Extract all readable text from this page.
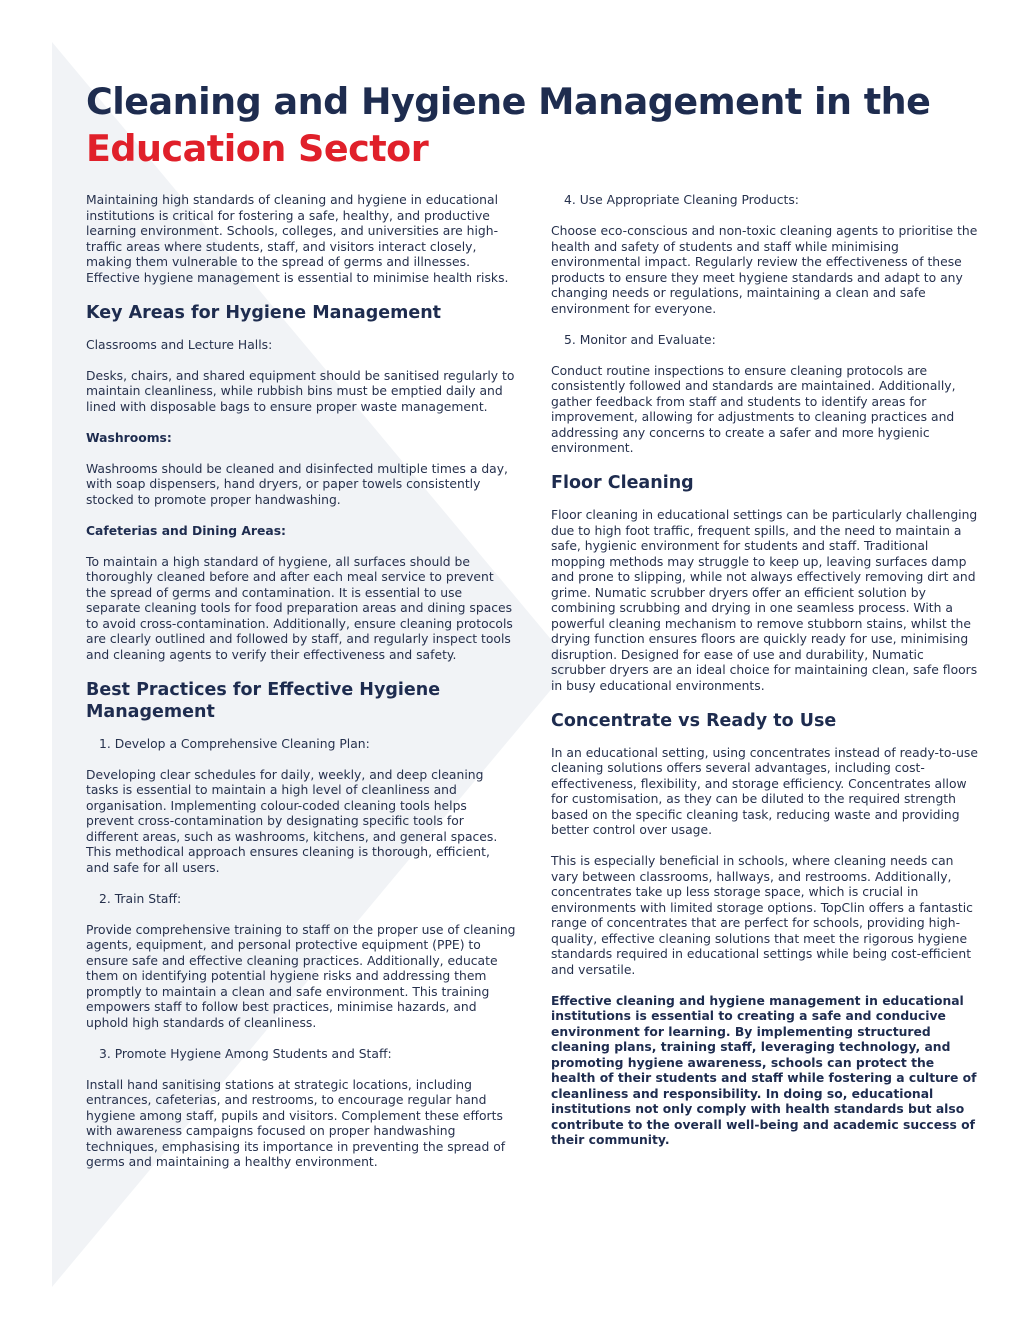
Cleaning and Hygiene Management in the
Education Sector

Maintaining high standards of cleaning and hygiene in educational institutions is critical for fostering a safe, healthy, and productive learning environment. Schools, colleges, and universities are high-traffic areas where students, staff, and visitors interact closely, making them vulnerable to the spread of germs and illnesses. Effective hygiene management is essential to minimise health risks.

Key Areas for Hygiene Management

Classrooms and Lecture Halls:

Desks, chairs, and shared equipment should be sanitised regularly to maintain cleanliness, while rubbish bins must be emptied daily and lined with disposable bags to ensure proper waste management.

Washrooms:

Washrooms should be cleaned and disinfected multiple times a day, with soap dispensers, hand dryers, or paper towels consistently stocked to promote proper handwashing.

Cafeterias and Dining Areas:

To maintain a high standard of hygiene, all surfaces should be thoroughly cleaned before and after each meal service to prevent the spread of germs and contamination. It is essential to use separate cleaning tools for food preparation areas and dining spaces to avoid cross-contamination. Additionally, ensure cleaning protocols are clearly outlined and followed by staff, and regularly inspect tools and cleaning agents to verify their effectiveness and safety.

Best Practices for Effective Hygiene Management

1. Develop a Comprehensive Cleaning Plan:

Developing clear schedules for daily, weekly, and deep cleaning tasks is essential to maintain a high level of cleanliness and organisation. Implementing colour-coded cleaning tools helps prevent cross-contamination by designating specific tools for different areas, such as washrooms, kitchens, and general spaces. This methodical approach ensures cleaning is thorough, efficient, and safe for all users.

2. Train Staff:

Provide comprehensive training to staff on the proper use of cleaning agents, equipment, and personal protective equipment (PPE) to ensure safe and effective cleaning practices. Additionally, educate them on identifying potential hygiene risks and addressing them promptly to maintain a clean and safe environment. This training empowers staff to follow best practices, minimise hazards, and uphold high standards of cleanliness.

3. Promote Hygiene Among Students and Staff:

Install hand sanitising stations at strategic locations, including entrances, cafeterias, and restrooms, to encourage regular hand hygiene among staff, pupils and visitors. Complement these efforts with awareness campaigns focused on proper handwashing techniques, emphasising its importance in preventing the spread of germs and maintaining a healthy environment.

4. Use Appropriate Cleaning Products:

Choose eco-conscious and non-toxic cleaning agents to prioritise the health and safety of students and staff while minimising environmental impact. Regularly review the effectiveness of these products to ensure they meet hygiene standards and adapt to any changing needs or regulations, maintaining a clean and safe environment for everyone.

5. Monitor and Evaluate:

Conduct routine inspections to ensure cleaning protocols are consistently followed and standards are maintained. Additionally, gather feedback from staff and students to identify areas for improvement, allowing for adjustments to cleaning practices and addressing any concerns to create a safer and more hygienic environment.

Floor Cleaning

Floor cleaning in educational settings can be particularly challenging due to high foot traffic, frequent spills, and the need to maintain a safe, hygienic environment for students and staff. Traditional mopping methods may struggle to keep up, leaving surfaces damp and prone to slipping, while not always effectively removing dirt and grime. Numatic scrubber dryers offer an efficient solution by combining scrubbing and drying in one seamless process. With a powerful cleaning mechanism to remove stubborn stains, whilst the drying function ensures floors are quickly ready for use, minimising disruption. Designed for ease of use and durability, Numatic scrubber dryers are an ideal choice for maintaining clean, safe floors in busy educational environments.

Concentrate vs Ready to Use

In an educational setting, using concentrates instead of ready-to-use cleaning solutions offers several advantages, including cost-effectiveness, flexibility, and storage efficiency. Concentrates allow for customisation, as they can be diluted to the required strength based on the specific cleaning task, reducing waste and providing better control over usage.

This is especially beneficial in schools, where cleaning needs can vary between classrooms, hallways, and restrooms. Additionally, concentrates take up less storage space, which is crucial in environments with limited storage options. TopClin offers a fantastic range of concentrates that are perfect for schools, providing high-quality, effective cleaning solutions that meet the rigorous hygiene standards required in educational settings while being cost-efficient and versatile.

Effective cleaning and hygiene management in educational institutions is essential to creating a safe and conducive environment for learning. By implementing structured cleaning plans, training staff, leveraging technology, and promoting hygiene awareness, schools can protect the health of their students and staff while fostering a culture of cleanliness and responsibility. In doing so, educational institutions not only comply with health standards but also contribute to the overall well-being and academic success of their community.
